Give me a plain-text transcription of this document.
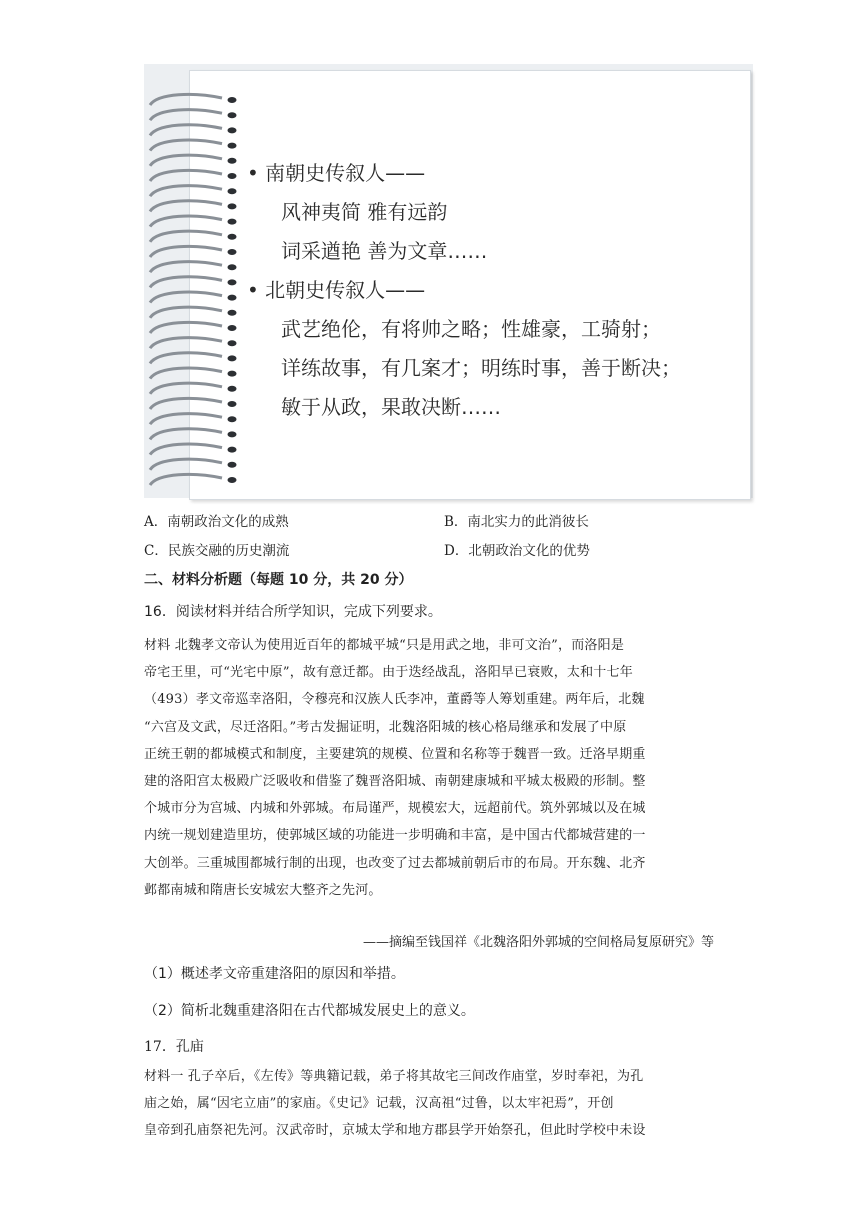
• 南朝史传叙人——
风神夷简 雅有远韵
词采遒艳 善为文章……
• 北朝史传叙人——
武艺绝伦，有将帅之略；性雄豪，工骑射；
详练故事，有几案才；明练时事，善于断决；
敏于从政，果敢决断……
A．南朝政治文化的成熟	B．南北实力的此消彼长
C．民族交融的历史潮流	D．北朝政治文化的优势
二、材料分析题（每题 10 分，共 20 分）
16．阅读材料并结合所学知识，完成下列要求。
材料 北魏孝文帝认为使用近百年的都城平城“只是用武之地，非可文治”，而洛阳是
帝宅王里，可“光宅中原”，故有意迁都。由于迭经战乱，洛阳早已衰败，太和十七年
（493）孝文帝巡幸洛阳，令穆亮和汉族人氏李冲，董爵等人筹划重建。两年后，北魏
“六宫及文武，尽迁洛阳。”考古发掘证明，北魏洛阳城的核心格局继承和发展了中原
正统王朝的都城模式和制度，主要建筑的规模、位置和名称等于魏晋一致。迁洛早期重
建的洛阳宫太极殿广泛吸收和借鉴了魏晋洛阳城、南朝建康城和平城太极殿的形制。整
个城市分为宫城、内城和外郭城。布局谨严，规模宏大，远超前代。筑外郭城以及在城
内统一规划建造里坊，使郭城区域的功能进一步明确和丰富，是中国古代都城营建的一
大创举。三重城围都城行制的出现，也改变了过去都城前朝后市的布局。开东魏、北齐
邺都南城和隋唐长安城宏大整齐之先河。
——摘编至钱国祥《北魏洛阳外郭城的空间格局复原研究》等
（1）概述孝文帝重建洛阳的原因和举措。
（2）简析北魏重建洛阳在古代都城发展史上的意义。
17．孔庙
材料一 孔子卒后，《左传》等典籍记载，弟子将其故宅三间改作庙堂，岁时奉祀，为孔
庙之始，属“因宅立庙”的家庙。《史记》记载，汉高祖“过鲁，以太牢祀焉”，开创
皇帝到孔庙祭祀先河。汉武帝时，京城太学和地方郡县学开始祭孔，但此时学校中未设
